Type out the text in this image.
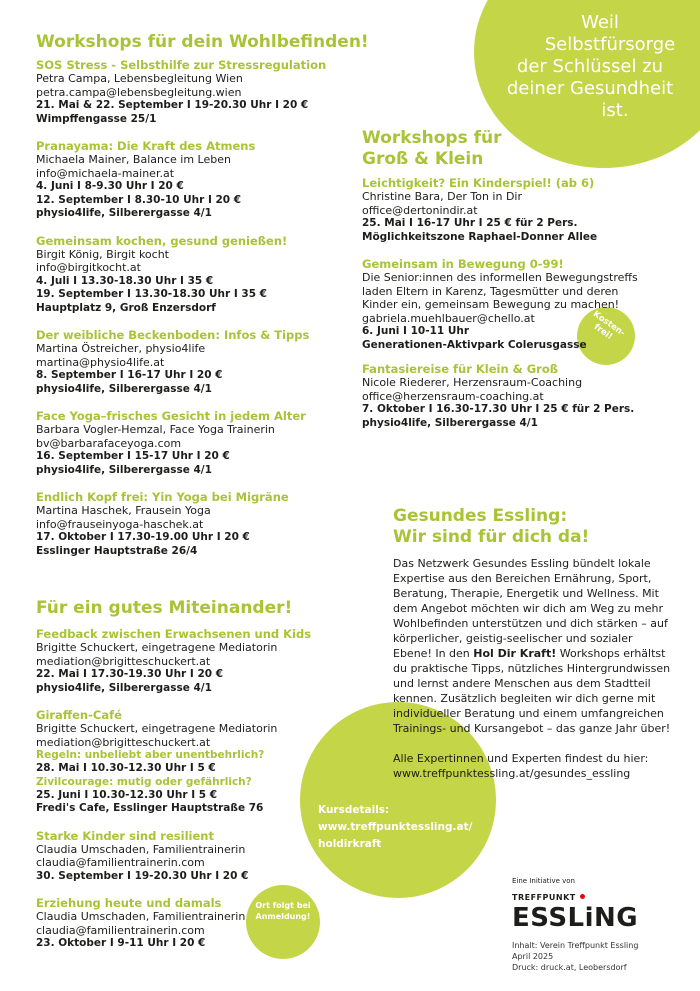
Weil
Selbstfürsorge
der Schlüssel zu
deiner Gesundheit
ist.
Workshops für dein Wohlbefinden!
SOS Stress - Selbsthilfe zur Stressregulation
Petra Campa, Lebensbegleitung Wien
petra.campa@lebensbegleitung.wien
21. Mai & 22. September I 19-20.30 Uhr I 20 €
Wimpffengasse 25/1
Pranayama: Die Kraft des Atmens
Michaela Mainer, Balance im Leben
info@michaela-mainer.at
4. Juni I 8-9.30 Uhr I 20 €
12. September I 8.30-10 Uhr I 20 €
physio4life, Silberergasse 4/1
Gemeinsam kochen, gesund genießen!
Birgit König, Birgit kocht
info@birgitkocht.at
4. Juli I 13.30-18.30 Uhr I 35 €
19. September I 13.30-18.30 Uhr I 35 €
Hauptplatz 9, Groß Enzersdorf
Der weibliche Beckenboden: Infos & Tipps
Martina Östreicher, physio4life
martina@physio4life.at
8. September I 16-17 Uhr I 20 €
physio4life, Silberergasse 4/1
Face Yoga–frisches Gesicht in jedem Alter
Barbara Vogler-Hemzal, Face Yoga Trainerin
bv@barbarafaceyoga.com
16. September I 15-17 Uhr I 20 €
physio4life, Silberergasse 4/1
Endlich Kopf frei: Yin Yoga bei Migräne
Martina Haschek, Frausein Yoga
info@frauseinyoga-haschek.at
17. Oktober I 17.30-19.00 Uhr I 20 €
Esslinger Hauptstraße 26/4
Für ein gutes Miteinander!
Feedback zwischen Erwachsenen und Kids
Brigitte Schuckert, eingetragene Mediatorin
mediation@brigitteschuckert.at
22. Mai I 17.30-19.30 Uhr I 20 €
physio4life, Silberergasse 4/1
Giraffen-Café
Brigitte Schuckert, eingetragene Mediatorin
mediation@brigitteschuckert.at
Regeln: unbeliebt aber unentbehrlich?
28. Mai I 10.30-12.30 Uhr I 5 €
Zivilcourage: mutig oder gefährlich?
25. Juni I 10.30-12.30 Uhr I 5 €
Fredi's Cafe, Esslinger Hauptstraße 76
Starke Kinder sind resilient
Claudia Umschaden, Familientrainerin
claudia@familientrainerin.com
30. September I 19-20.30 Uhr I 20 €
Erziehung heute und damals
Claudia Umschaden, Familientrainerin
claudia@familientrainerin.com
23. Oktober I 9-11 Uhr I 20 €
Workshops für Groß & Klein
Leichtigkeit? Ein Kinderspiel! (ab 6)
Christine Bara, Der Ton in Dir
office@dertonindir.at
25. Mai I 16-17 Uhr I 25 € für 2 Pers.
Möglichkeitszone Raphael-Donner Allee
Gemeinsam in Bewegung 0-99!
Die Senior:innen des informellen Bewegungstreffs
laden Eltern in Karenz, Tagesmütter und deren
Kinder ein, gemeinsam Bewegung zu machen!
gabriela.muehlbauer@chello.at
6. Juni I 10-11 Uhr
Generationen-Aktivpark Colerusgasse
Fantasiereise für Klein & Groß
Nicole Riederer, Herzensraum-Coaching
office@herzensraum-coaching.at
7. Oktober I 16.30-17.30 Uhr I 25 € für 2 Pers.
physio4life, Silberergasse 4/1
Kosten-frei!
Gesundes Essling:
Wir sind für dich da!

Das Netzwerk Gesundes Essling bündelt lokale Expertise aus den Bereichen Ernährung, Sport, Beratung, Therapie, Energetik und Wellness. Mit dem Angebot möchten wir dich am Weg zu mehr Wohlbefinden unterstützen und dich stärken – auf körperlicher, geistig-seelischer und sozialer Ebene! In den Hol Dir Kraft! Workshops erhältst du praktische Tipps, nützliches Hintergrundwissen und lernst andere Menschen aus dem Stadtteil kennen. Zusätzlich begleiten wir dich gerne mit individueller Beratung und einem umfangreichen Trainings- und Kursangebot – das ganze Jahr über!

Alle Expertinnen und Experten findest du hier:
www.treffpunktessling.at/gesundes_essling
Kursdetails:
www.treffpunktessling.at/
holdirkraft
Ort folgt bei Anmeldung!
Eine Initiative von
TREFFPUNKT
ESSLiNG
Inhalt: Verein Treffpunkt Essling
April 2025
Druck: druck.at, Leobersdorf
